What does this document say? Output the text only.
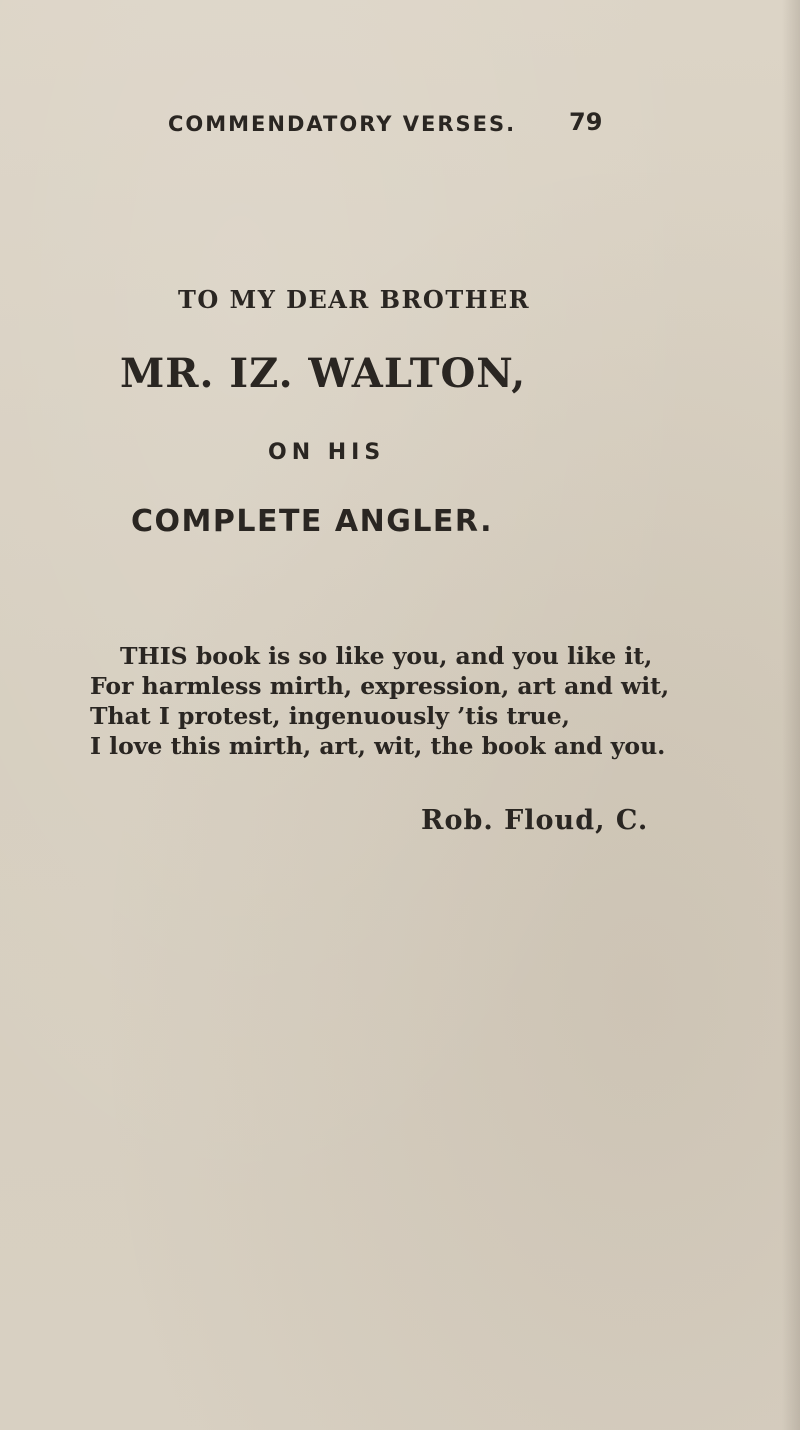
COMMENDATORY VERSES. 79
TO MY DEAR BROTHER
MR. IZ. WALTON,
ON HIS
COMPLETE ANGLER.
THIS book is so like you, and you like it,
For harmless mirth, expression, art and wit,
That I protest, ingenuously ’tis true,
I love this mirth, art, wit, the book and you.
Rob. Floud, C.
